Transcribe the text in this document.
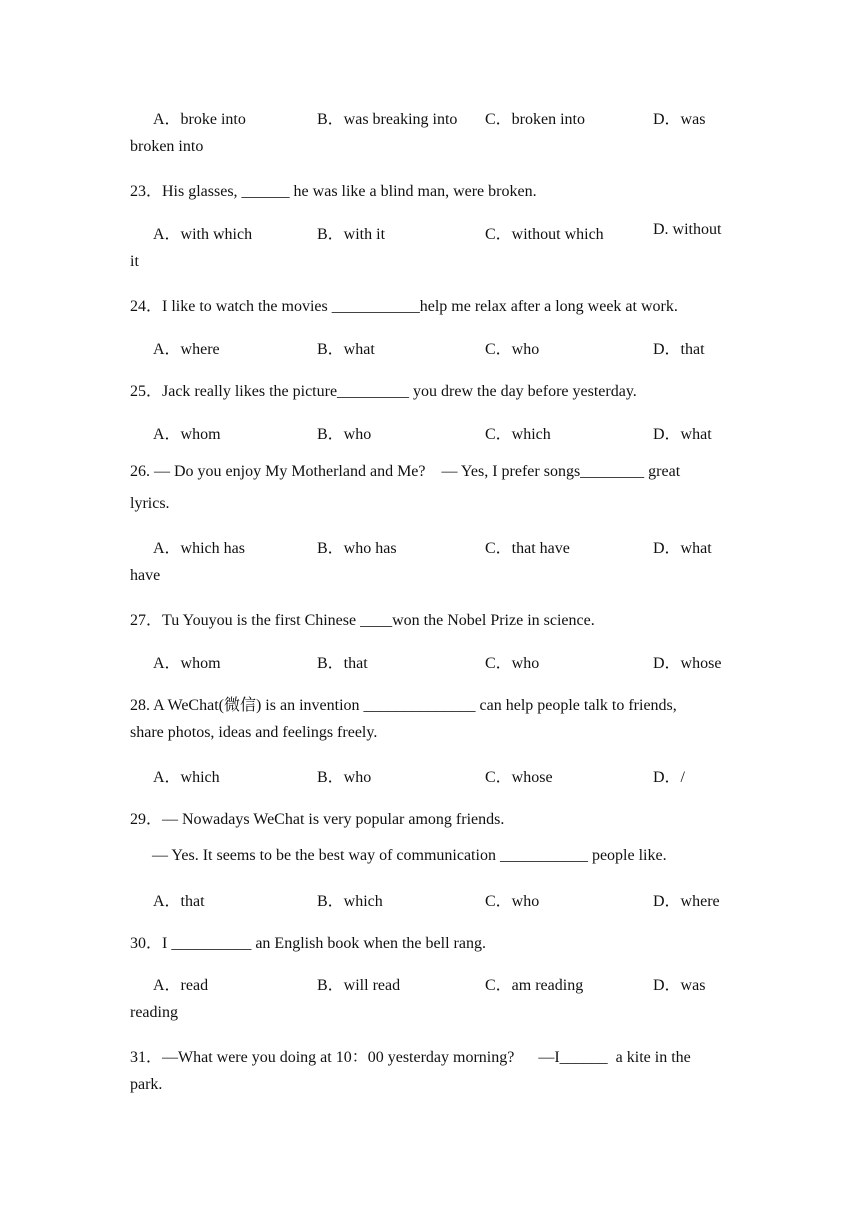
A．broke into	B．was breaking into C．broken into	D．was
broken into
23．His glasses, ______ he was like a blind man, were broken.
A．with which	B．with it	C．without which	D. without
it
24．I like to watch the movies ___________help me relax after a long week at work.
A．where	B．what	C．who	D．that
25．Jack really likes the picture_________ you drew the day before yesterday.
A．whom	B．who	C．which	D．what
26. — Do you enjoy My Motherland and Me?    — Yes, I prefer songs________ great
lyrics.
A．which has	B．who has	C．that have	D．what
have
27．Tu Youyou is the first Chinese ____won the Nobel Prize in science.
A．whom	B．that	C．who	D．whose
28. A WeChat(微信) is an invention ______________ can help people talk to friends,
share photos, ideas and feelings freely.
A．which	B．who	C．whose	D．/
29．— Nowadays WeChat is very popular among friends.
— Yes. It seems to be the best way of communication ___________ people like.
A．that	B．which	C．who	D．where
30．I __________ an English book when the bell rang.
A．read	B．will read	C．am reading	D．was
reading
31．—What were you doing at 10：00 yesterday morning?      —I______  a kite in the
park.
